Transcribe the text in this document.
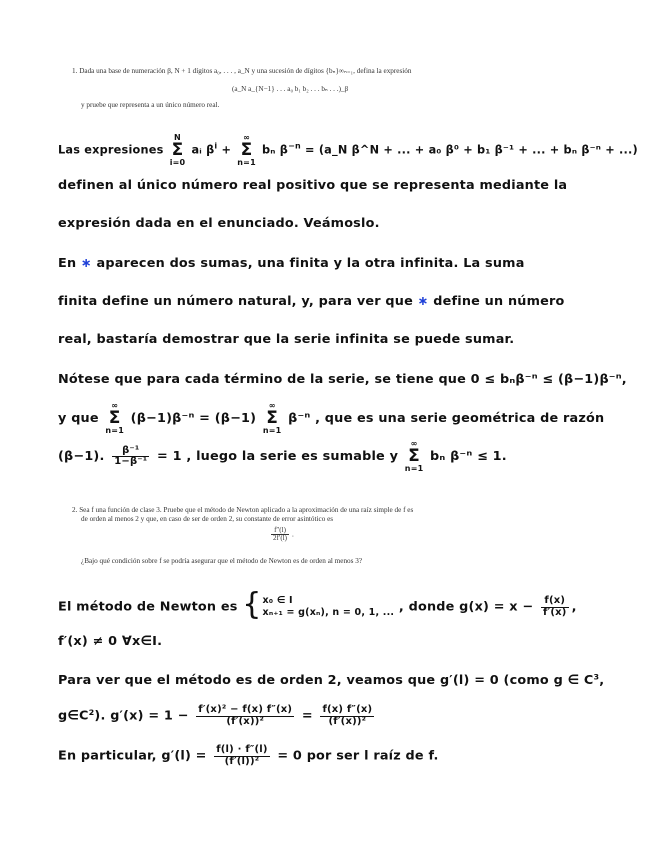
1. Dada una base de numeración β, N + 1 dígitos a₀, . . . , a_N y una sucesión de dígitos {bₙ}∞ₙ₌₁, defina la expresión
(a_N a_{N−1} . . . a₀ b₁ b₂ . . . bₙ . . .)_β
y pruebe que representa a un único número real.
Las expresiones
N
Σ
i=0
aᵢ $\beta^i$ +
∞
Σ
n=1
bₙ $\beta^{-n}$ = (a_N β^N + ... + a₀ β⁰ + b₁ β⁻¹ + ... + bₙ β⁻ⁿ + ...)
definen al único número real positivo que se representa mediante la
expresión dada en el enunciado. Veámoslo.
En ∗ aparecen dos sumas, una finita y la otra infinita. La suma
finita define un número natural, y, para ver que ∗ define un número
real, bastaría demostrar que la serie infinita se puede sumar.
Nótese que para cada término de la serie, se tiene que 0 ≤ bₙβ⁻ⁿ ≤ (β−1)β⁻ⁿ,
y que
∞
Σ
n=1
(β−1)β⁻ⁿ = (β−1)
∞
Σ
n=1
β⁻ⁿ , que es una serie geométrica de razón
(β−1). $\frac{\text{β⁻¹}}{\text{1−β⁻¹}} = 1$ , luego la serie es sumable y
∞
Σ
n=1
bₙ β⁻ⁿ ≤ 1.
2. Sea f una función de clase 3. Pruebe que el método de Newton aplicado a la aproximación de una raíz simple de f es
de orden al menos 2 y que, en caso de ser de orden 2, su constante de error asintótico es
$\frac{f''(l)}{2f'(l)}$ .
¿Bajo qué condición sobre f se podría asegurar que el método de Newton es de orden al menos 3?
El método de Newton es { x₀ ∈ I
xₙ₊₁ = g(xₙ), n = 0, 1, ... , donde $g(x) = x - \frac{f(x)}{f'(x)}$ ,
f′(x) ≠ 0 ∀x∈I.
Para ver que el método es de orden 2, veamos que g′(l) = 0 (como g ∈ C³,
g∈C²). $g'(x) = 1 - \frac{\text{f′(x)² − f(x) f″(x)}}{\text{(f′(x))²}} = \frac{f(x) f''(x)}{\text{(f′(x))²}}$
En particular, $g'(l) = \frac{f(l) \cdot f''(l)}{\text{(f′(l))²}} = 0$ por ser l raíz de f.
